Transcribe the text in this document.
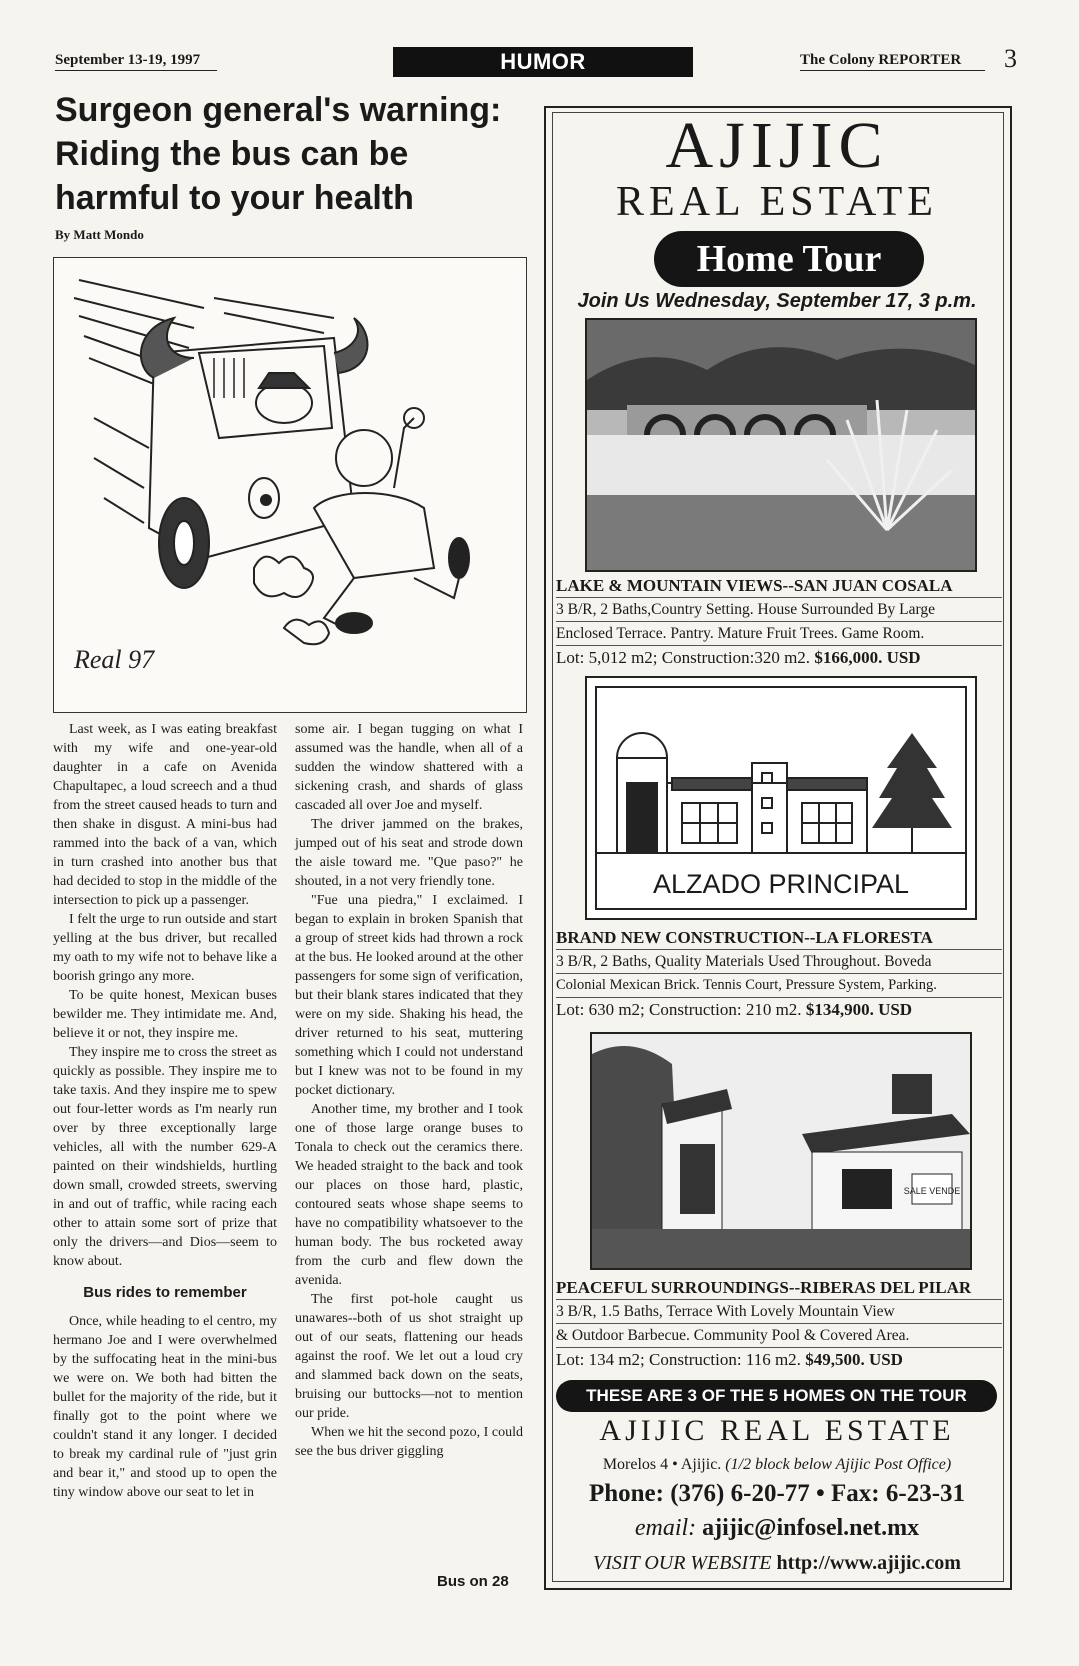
September 13-19, 1997	HUMOR	The Colony REPORTER 3
Surgeon general's warning:
Riding the bus can be
harmful to your health
By Matt Mondo
Real 97

Last week, as I was eating breakfast with my wife and one-year-old daughter in a cafe on Avenida Chapultapec, a loud screech and a thud from the street caused heads to turn and then shake in disgust. A mini-bus had rammed into the back of a van, which in turn crashed into another bus that had decided to stop in the middle of the intersection to pick up a passenger.

I felt the urge to run outside and start yelling at the bus driver, but recalled my oath to my wife not to behave like a boorish gringo any more.

To be quite honest, Mexican buses bewilder me. They intimidate me. And, believe it or not, they inspire me.

They inspire me to cross the street as quickly as possible. They inspire me to take taxis. And they inspire me to spew out four-letter words as I'm nearly run over by three exceptionally large vehicles, all with the number 629-A painted on their windshields, hurtling down small, crowded streets, swerving in and out of traffic, while racing each other to attain some sort of prize that only the drivers—and Dios—seem to know about.

Bus rides to remember

Once, while heading to el centro, my hermano Joe and I were overwhelmed by the suffocating heat in the mini-bus we were on. We both had bitten the bullet for the majority of the ride, but it finally got to the point where we couldn't stand it any longer. I decided to break my cardinal rule of "just grin and bear it," and stood up to open the tiny window above our seat to let in

some air. I began tugging on what I assumed was the handle, when all of a sudden the window shattered with a sickening crash, and shards of glass cascaded all over Joe and myself.

The driver jammed on the brakes, jumped out of his seat and strode down the aisle toward me. "Que paso?" he shouted, in a not very friendly tone.

"Fue una piedra," I exclaimed. I began to explain in broken Spanish that a group of street kids had thrown a rock at the bus. He looked around at the other passengers for some sign of verification, but their blank stares indicated that they were on my side. Shaking his head, the driver returned to his seat, muttering something which I could not understand but I knew was not to be found in my pocket dictionary.

Another time, my brother and I took one of those large orange buses to Tonala to check out the ceramics there. We headed straight to the back and took our places on those hard, plastic, contoured seats whose shape seems to have no compatibility whatsoever to the human body. The bus rocketed away from the curb and flew down the avenida.

The first pot-hole caught us unawares--both of us shot straight up out of our seats, flattening our heads against the roof. We let out a loud cry and slammed back down on the seats, bruising our buttocks—not to mention our pride.

When we hit the second pozo, I could see the bus driver giggling

Bus on 28
AJIJIC
REAL ESTATE
Home Tour
Join Us Wednesday, September 17, 3 p.m.
LAKE & MOUNTAIN VIEWS--SAN JUAN COSALA
3 B/R, 2 Baths,Country Setting. House Surrounded By Large
Enclosed Terrace. Pantry. Mature Fruit Trees. Game Room.
Lot: 5,012 m2; Construction:320 m2. $166,000. USD
ALZADO PRINCIPAL
BRAND NEW CONSTRUCTION--LA FLORESTA
3 B/R, 2 Baths, Quality Materials Used Throughout. Boveda
Colonial Mexican Brick. Tennis Court, Pressure System, Parking.
Lot: 630 m2; Construction: 210 m2. $134,900. USD
SALE VENDE
PEACEFUL SURROUNDINGS--RIBERAS DEL PILAR
3 B/R, 1.5 Baths, Terrace With Lovely Mountain View
& Outdoor Barbecue. Community Pool & Covered Area.
Lot: 134 m2; Construction: 116 m2. $49,500. USD
THESE ARE 3 OF THE 5 HOMES ON THE TOUR
AJIJIC REAL ESTATE
Morelos 4 • Ajijic. (1/2 block below Ajijic Post Office)
Phone: (376) 6-20-77 • Fax: 6-23-31
email: ajijic@infosel.net.mx
VISIT OUR WEBSITE http://www.ajijic.com
